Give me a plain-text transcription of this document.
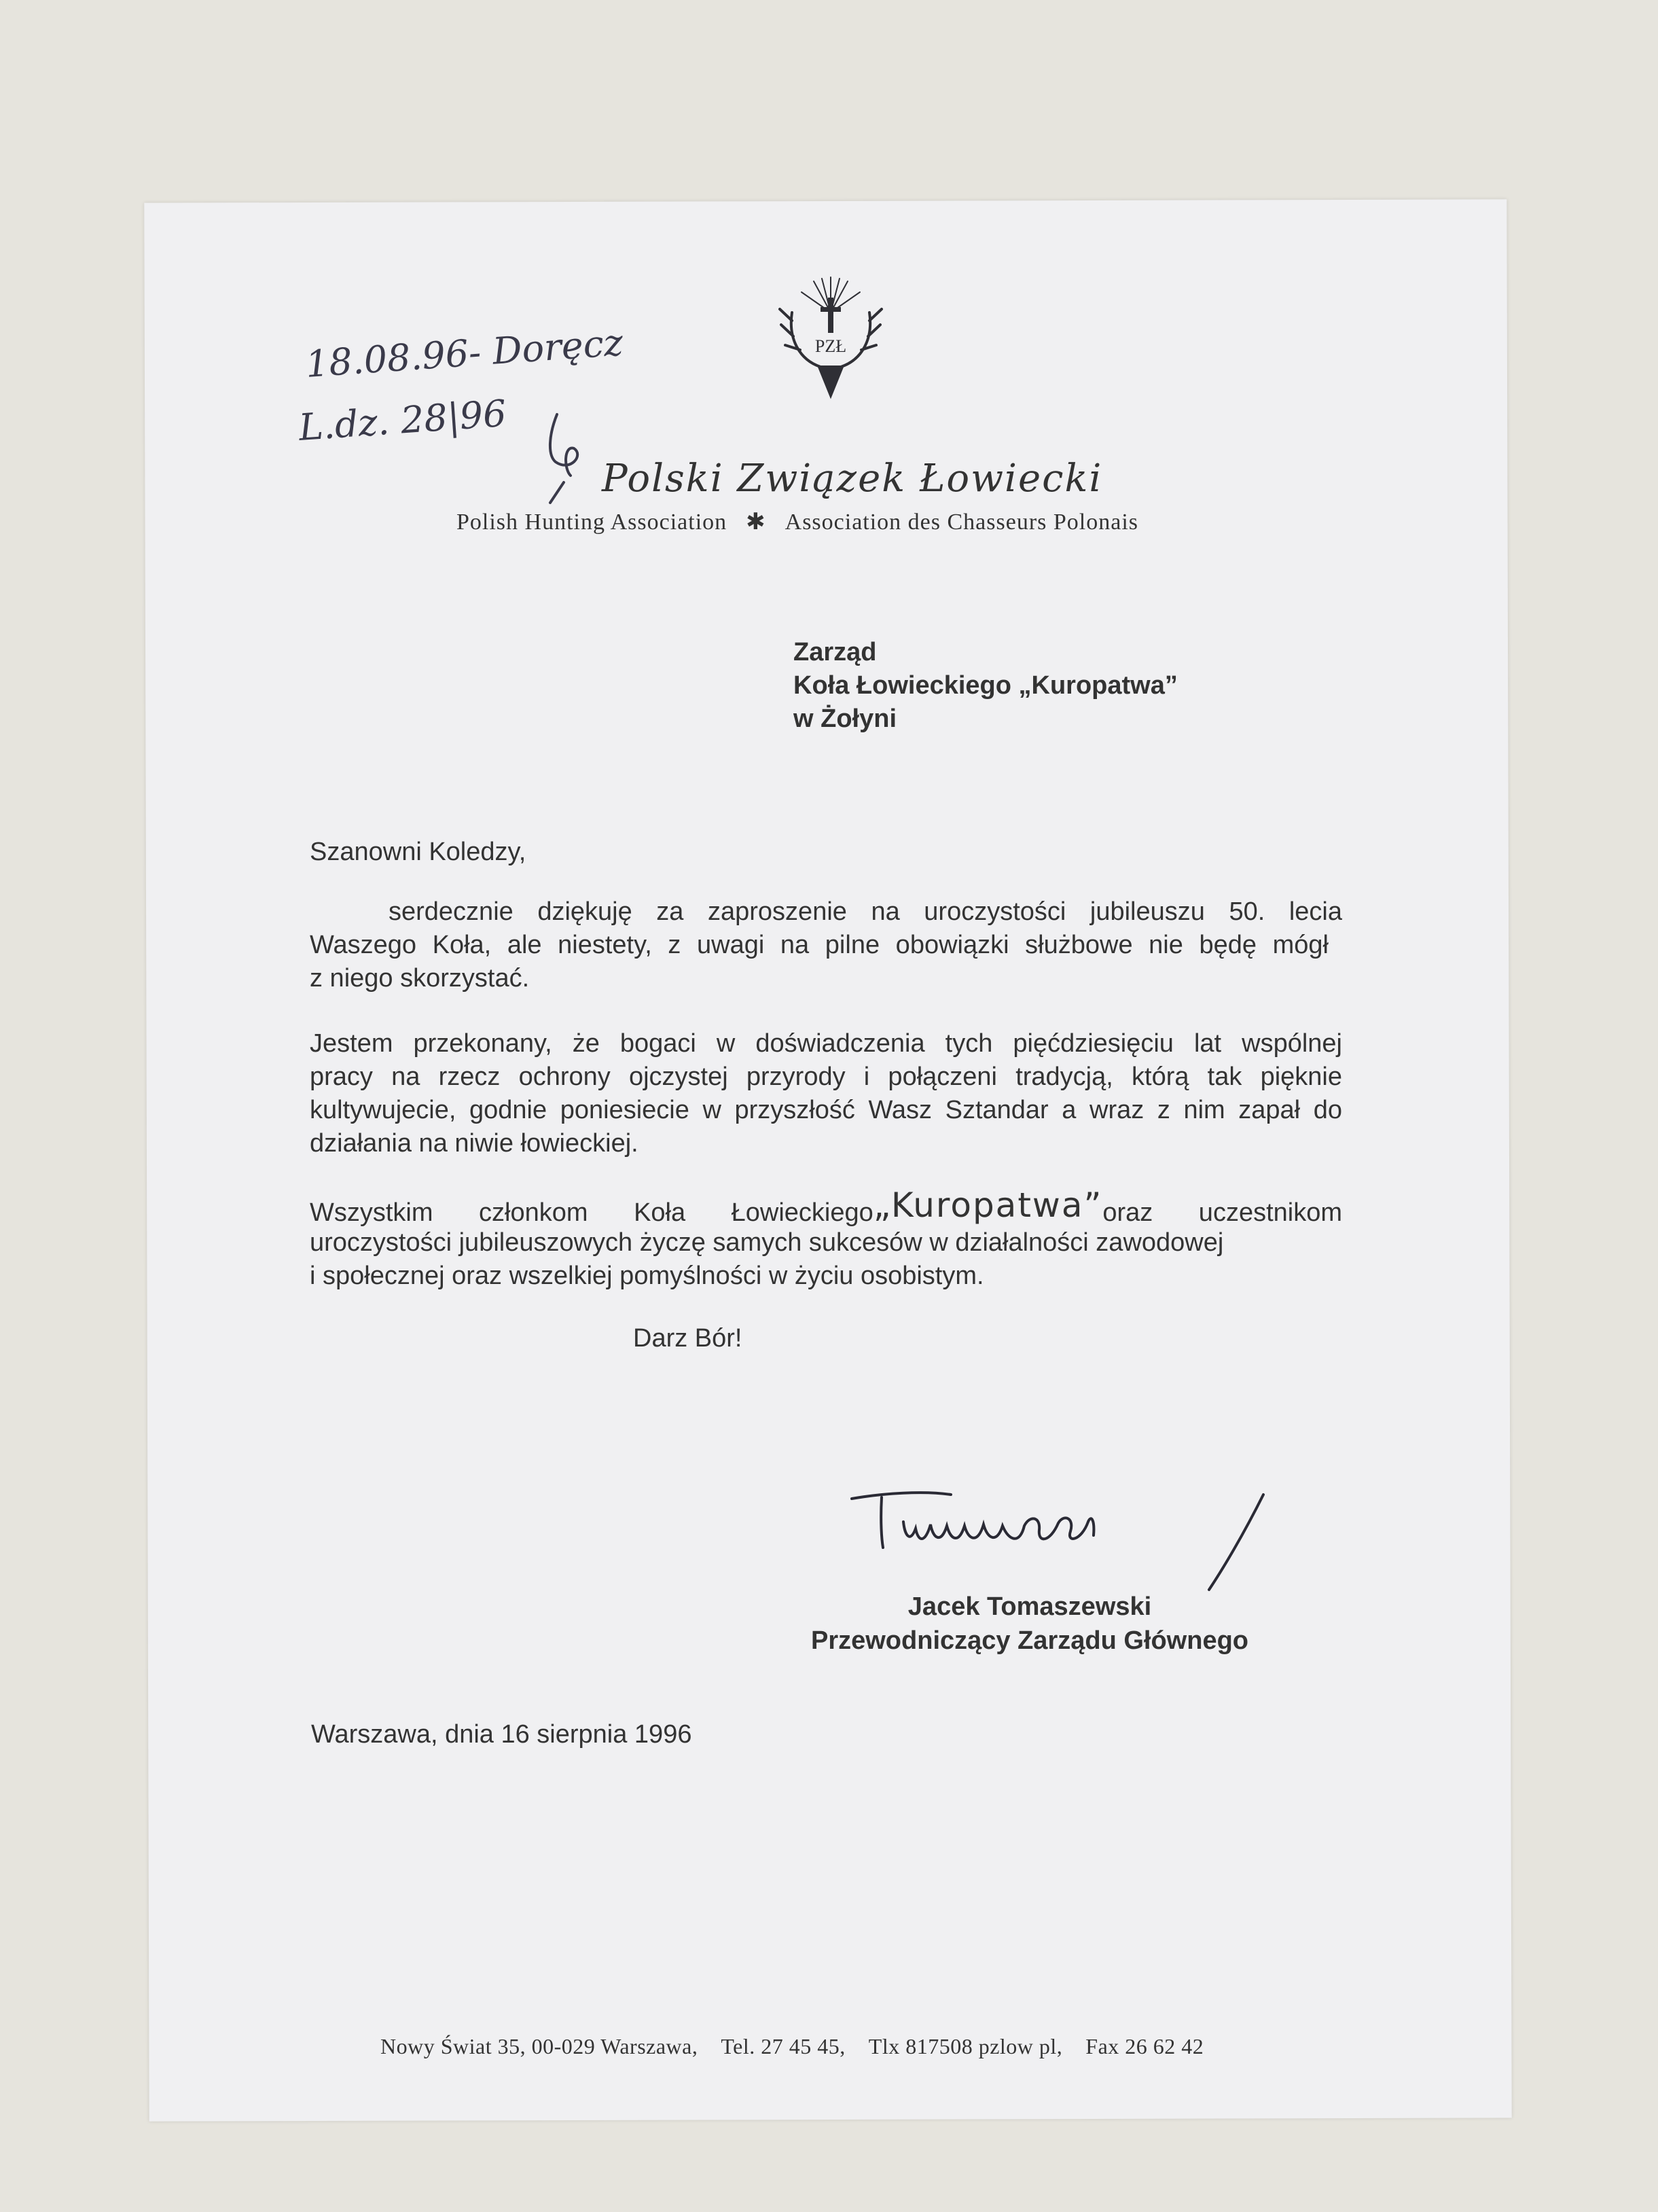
PZŁ
18.08.96- Doręcz
L.dz. 28|96
Polski Związek Łowiecki
Polish Hunting Association ✱ Association des Chasseurs Polonais
Zarząd
Koła Łowieckiego „Kuropatwa”
w Żołyni
Szanowni Koledzy,
serdecznie dziękuję za zaproszenie na uroczystości jubileuszu 50. lecia
Waszego Koła, ale niestety, z uwagi na pilne obowiązki służbowe nie będę mógł
z niego skorzystać.
Jestem przekonany, że bogaci w doświadczenia tych pięćdziesięciu lat wspólnej
pracy na rzecz ochrony ojczystej przyrody i połączeni tradycją, którą tak pięknie
kultywujecie, godnie poniesiecie w przyszłość Wasz Sztandar a wraz z nim zapał do
działania na niwie łowieckiej.
Wszystkim członkom Koła Łowieckiego„Kuropatwa”oraz uczestnikom
uroczystości jubileuszowych życzę samych sukcesów w działalności zawodowej
i społecznej oraz wszelkiej pomyślności w życiu osobistym.
Darz Bór!
Jacek Tomaszewski
Przewodniczący Zarządu Głównego
Warszawa, dnia 16 sierpnia 1996
Nowy Świat 35, 00-029 Warszawa, Tel. 27 45 45, Tlx 817508 pzlow pl, Fax 26 62 42
